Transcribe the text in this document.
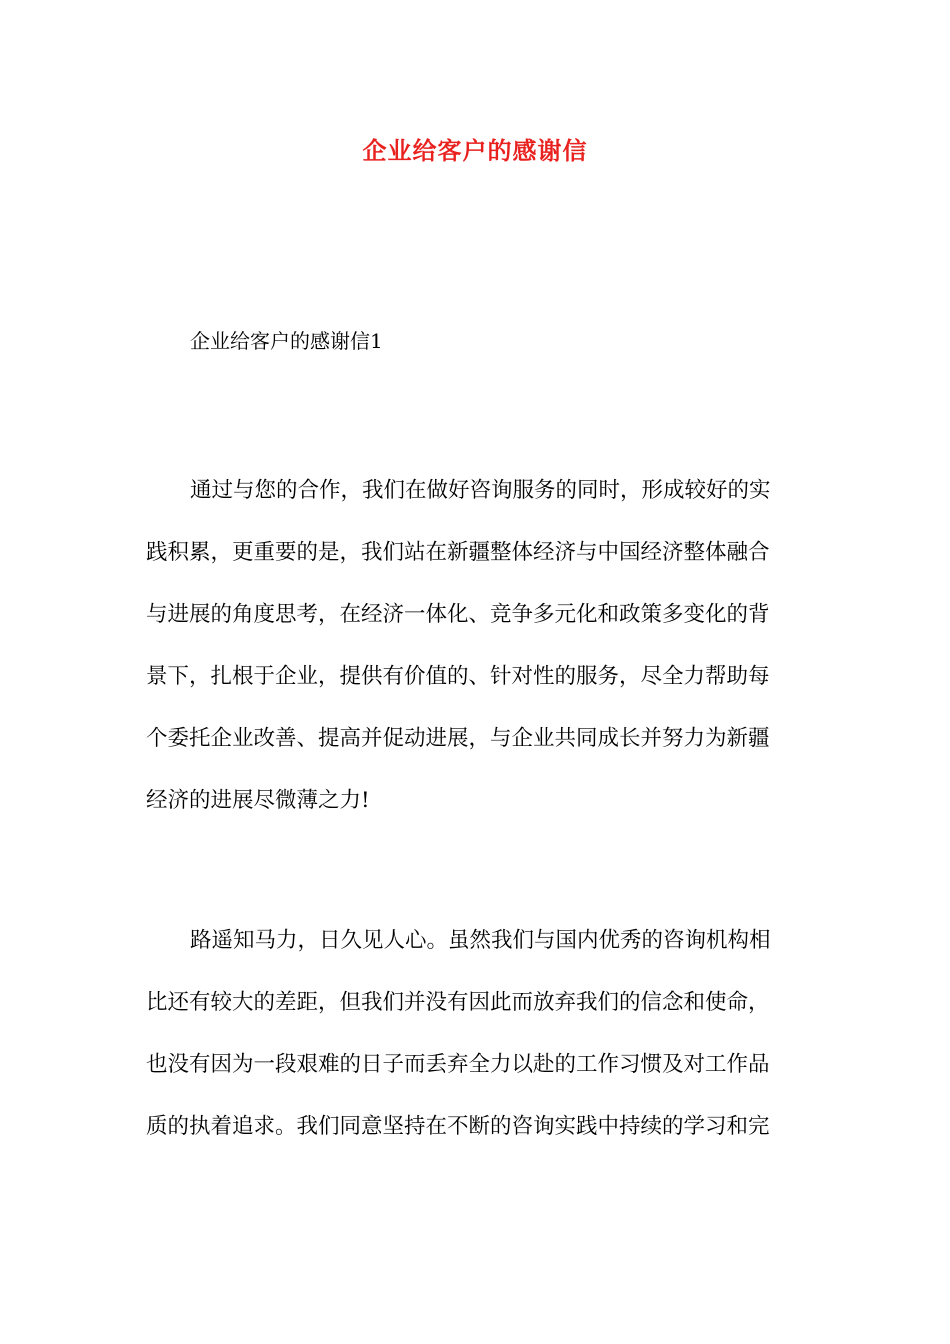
企业给客户的感谢信
企业给客户的感谢信1
通过与您的合作，我们在做好咨询服务的同时，形成较好的实
践积累，更重要的是，我们站在新疆整体经济与中国经济整体融合
与进展的角度思考，在经济一体化、竞争多元化和政策多变化的背
景下，扎根于企业，提供有价值的、针对性的服务，尽全力帮助每
个委托企业改善、提高并促动进展，与企业共同成长并努力为新疆
经济的进展尽微薄之力!
路遥知马力，日久见人心。虽然我们与国内优秀的咨询机构相
比还有较大的差距，但我们并没有因此而放弃我们的信念和使命，
也没有因为一段艰难的日子而丢弃全力以赴的工作习惯及对工作品
质的执着追求。我们同意坚持在不断的咨询实践中持续的学习和完
